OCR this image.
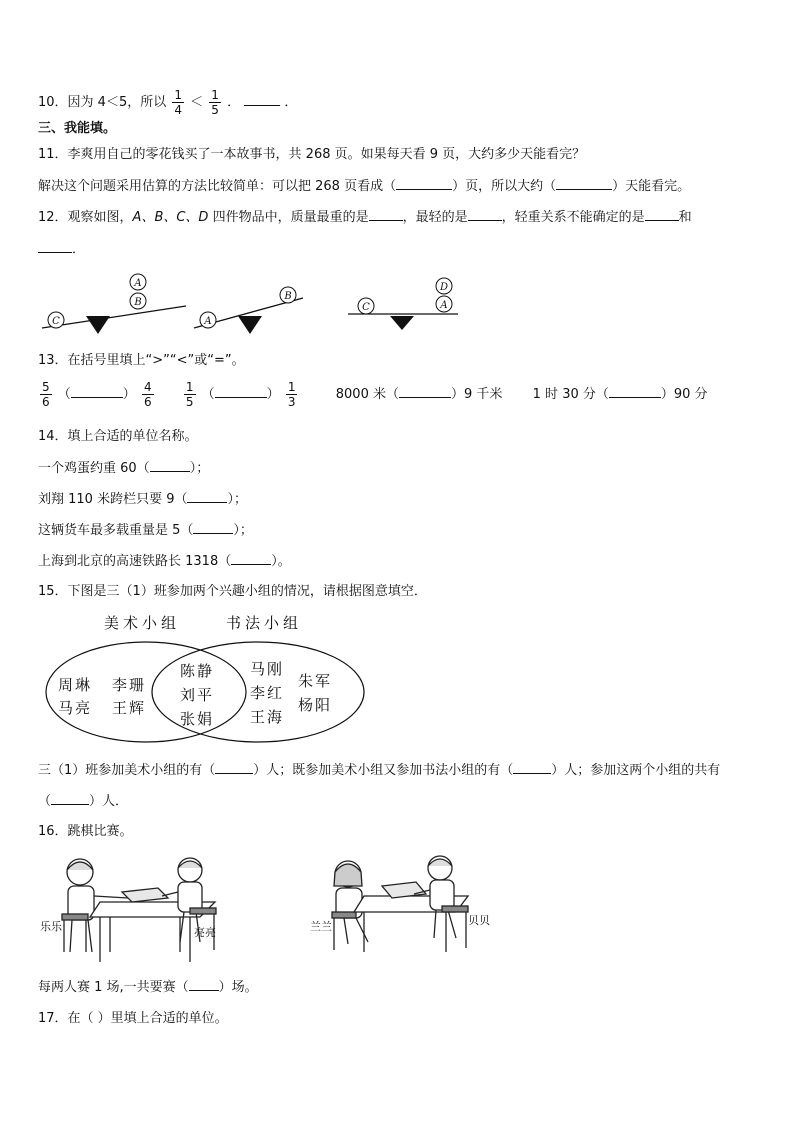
10．因为 4＜5，所以 $\frac{1}{4} < \frac{1}{5}$ ．	．
三、我能填。
11．李爽用自己的零花钱买了一本故事书，共 268 页。如果每天看 9 页，大约多少天能看完？
解决这个问题采用估算的方法比较简单：可以把 268 页看成（	）页，所以大约（	）天能看完。
12．观察如图，A、B、C、D 四件物品中，质量最重的是	，最轻的是	，轻重关系不能确定的是	和
．
C
B
A
A
B
C	A
D
13．在括号里填上“>”“<”或“=”。
$\frac{5}{6}$ （	） $\frac{4}{6}$
	$\frac{1}{5}$ （	） $\frac{1}{3}$	8000 米（	）9 千米 1 时 30 分（	）90 分
14．填上合适的单位名称。
一个鸡蛋约重 60（	）；
刘翔 110 米跨栏只要 9（	）；
这辆货车最多载重量是 5（	）；
上海到北京的高速铁路长 1318（	）。
15．下图是三（1）班参加两个兴趣小组的情况，请根据图意填空．
美术小组	书法小组
周琳 李珊
马亮 王辉
陈静
刘平
张娟
马刚
朱军
李红
杨阳
王海
三（1）班参加美术小组的有（	）人；既参加美术小组又参加书法小组的有（	）人；参加这两个小组的共有
（	）人．
16．跳棋比赛。
乐乐	亮亮	兰兰	贝贝
每两人赛 1 场,一共要赛（ ）场。
17．在（ ）里填上合适的单位。
